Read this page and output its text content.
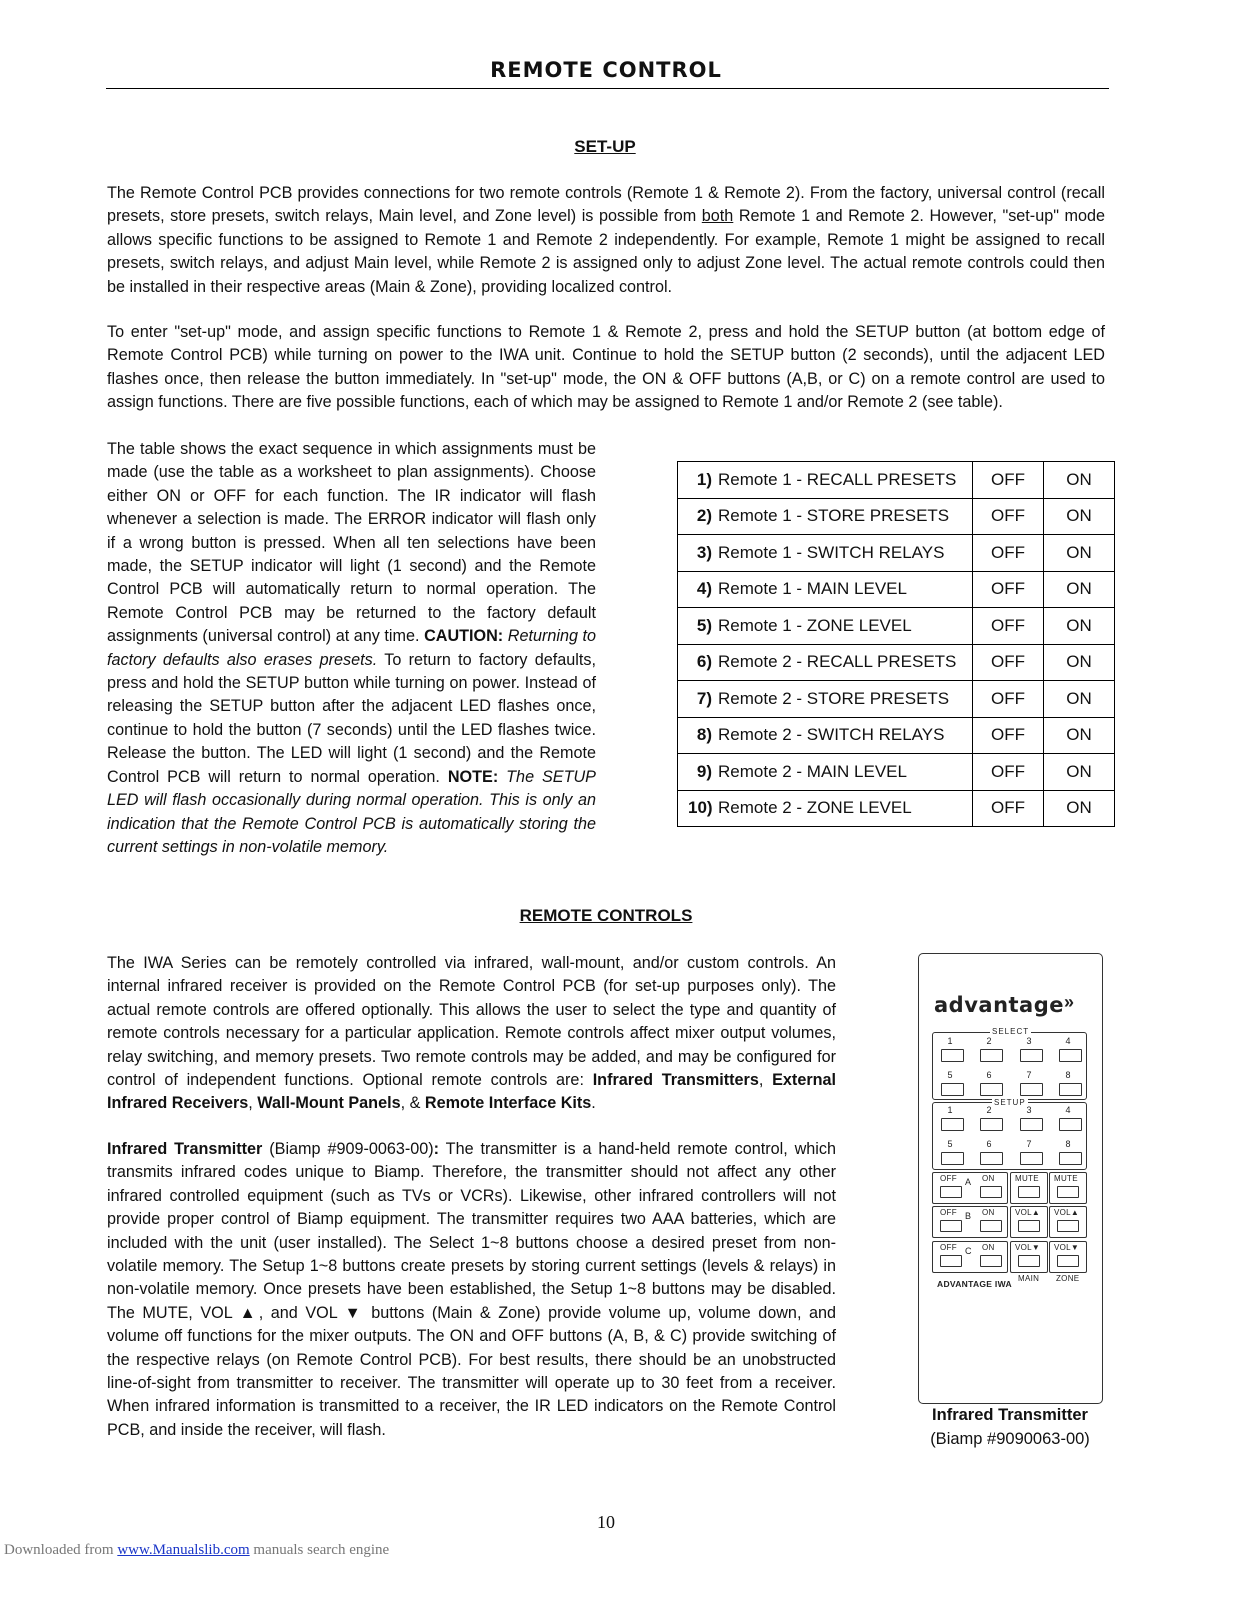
REMOTE CONTROL
SET-UP
The Remote Control PCB provides connections for two remote controls (Remote 1 & Remote 2). From the factory, universal control (recall presets, store presets, switch relays, Main level, and Zone level) is possible from both Remote 1 and Remote 2. However, "set-up" mode allows specific functions to be assigned to Remote 1 and Remote 2 independently. For example, Remote 1 might be assigned to recall presets, switch relays, and adjust Main level, while Remote 2 is assigned only to adjust Zone level. The actual remote controls could then be installed in their respective areas (Main & Zone), providing localized control.
To enter "set-up" mode, and assign specific functions to Remote 1 & Remote 2, press and hold the SETUP button (at bottom edge of Remote Control PCB) while turning on power to the IWA unit. Continue to hold the SETUP button (2 seconds), until the adjacent LED flashes once, then release the button immediately. In "set-up" mode, the ON & OFF buttons (A,B, or C) on a remote control are used to assign functions. There are five possible functions, each of which may be assigned to Remote 1 and/or Remote 2 (see table).
The table shows the exact sequence in which assignments must be made (use the table as a worksheet to plan assignments). Choose either ON or OFF for each function. The IR indicator will flash whenever a selection is made. The ERROR indicator will flash only if a wrong button is pressed. When all ten selections have been made, the SETUP indicator will light (1 second) and the Remote Control PCB will automatically return to normal operation. The Remote Control PCB may be returned to the factory default assignments (universal control) at any time. CAUTION: Returning to factory defaults also erases presets. To return to factory defaults, press and hold the SETUP button while turning on power. Instead of releasing the SETUP button after the adjacent LED flashes once, continue to hold the button (7 seconds) until the LED flashes twice. Release the button. The LED will light (1 second) and the Remote Control PCB will return to normal operation. NOTE: The SETUP LED will flash occasionally during normal operation. This is only an indication that the Remote Control PCB is automatically storing the current settings in non-volatile memory.
1) Remote 1 - RECALL PRESETS	OFF	ON
2) Remote 1 - STORE PRESETS	OFF	ON
3) Remote 1 - SWITCH RELAYS	OFF	ON
4) Remote 1 - MAIN LEVEL	OFF	ON
5) Remote 1 - ZONE LEVEL	OFF	ON
6) Remote 2 - RECALL PRESETS	OFF	ON
7) Remote 2 - STORE PRESETS	OFF	ON
8) Remote 2 - SWITCH RELAYS	OFF	ON
9) Remote 2 - MAIN LEVEL	OFF	ON
10) Remote 2 - ZONE LEVEL	OFF	ON
REMOTE CONTROLS
The IWA Series can be remotely controlled via infrared, wall-mount, and/or custom controls. An internal infrared receiver is provided on the Remote Control PCB (for set-up purposes only). The actual remote controls are offered optionally. This allows the user to select the type and quantity of remote controls necessary for a particular application. Remote controls affect mixer output volumes, relay switching, and memory presets. Two remote controls may be added, and may be configured for control of independent functions. Optional remote controls are: Infrared Transmitters, External Infrared Receivers, Wall-Mount Panels, & Remote Interface Kits.
Infrared Transmitter (Biamp #909-0063-00): The transmitter is a hand-held remote control, which transmits infrared codes unique to Biamp. Therefore, the transmitter should not affect any other infrared controlled equipment (such as TVs or VCRs). Likewise, other infrared controllers will not provide proper control of Biamp equipment. The transmitter requires two AAA batteries, which are included with the unit (user installed). The Select 1~8 buttons choose a desired preset from non-volatile memory. The Setup 1~8 buttons create presets by storing current settings (levels & relays) in non-volatile memory. Once presets have been established, the Setup 1~8 buttons may be disabled. The MUTE, VOL ▲, and VOL ▼ buttons (Main & Zone) provide volume up, volume down, and volume off functions for the mixer outputs. The ON and OFF buttons (A, B, & C) provide switching of the respective relays (on Remote Control PCB). For best results, there should be an unobstructed line-of-sight from transmitter to receiver. The transmitter will operate up to 30 feet from a receiver. When infrared information is transmitted to a receiver, the IR LED indicators on the Remote Control PCB, and inside the receiver, will flash.
advantage »
SELECT
SETUP
1	2	3	4
5	6	7	8
1	2	3	4
5	6	7	8
OFF A ON	MUTE MUTE
OFF B ON	VOL▲ VOL▲
OFF C ON	VOL▼ VOL▼
ADVANTAGE IWA
MAIN ZONE
Infrared Transmitter
(Biamp #9090063-00)
10
Downloaded from www.Manualslib.com manuals search engine
